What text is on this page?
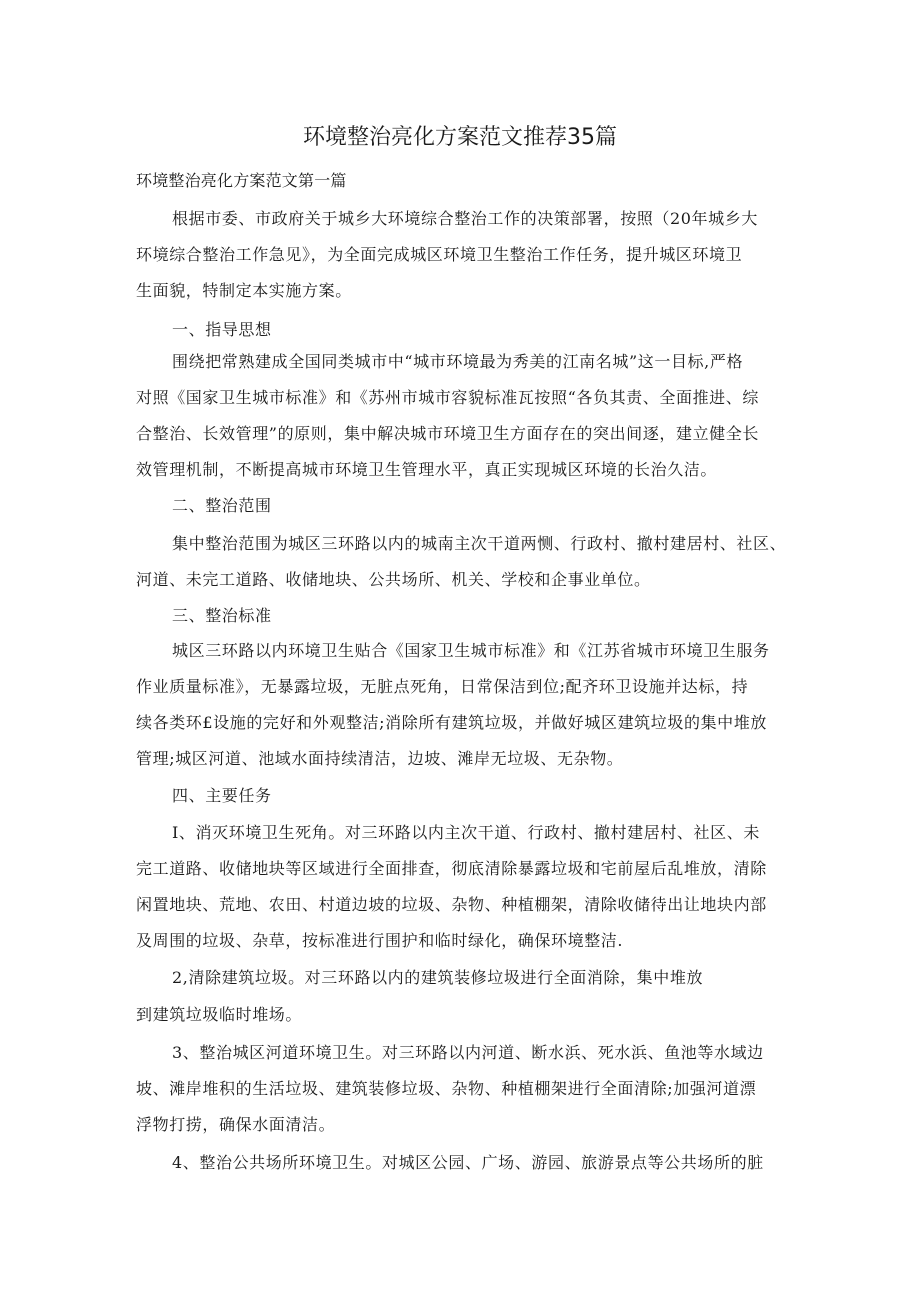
环境整治亮化方案范文推荐35篇
环境整治亮化方案范文第一篇
根据市委、市政府关于城乡大环境综合整治工作的决策部署，按照（20年城乡大
环境综合整治工作急见》，为全面完成城区环境卫生整治工作任务，提升城区环境卫
生面貌，特制定本实施方案。
一、指导思想
围绕把常熟建成全国同类城市中“城市环境最为秀美的江南名城”这一目标,严格
对照《国家卫生城市标准》和《苏州市城市容貌标准瓦按照“各负其责、全面推进、综
合整治、长效管理”的原则，集中解决城市环境卫生方面存在的突出间逐，建立健全长
效管理机制，不断提高城市环境卫生管理水平，真正实现城区环境的长治久洁。
二、整治范围
集中整治范围为城区三环路以内的城南主次干道两恻、行政村、撤村建居村、社区、
河道、未完工道路、收储地块、公共场所、机关、学校和企事业单位。
三、整治标准
城区三环路以内环境卫生贴合《国家卫生城市标准》和《江苏省城市环境卫生服务
作业质量标准》，无暴露垃圾，无脏点死角，日常保洁到位;配齐环卫设施并达标，持
续各类环£设施的完好和外观整洁;消除所有建筑垃圾，并做好城区建筑垃圾的集中堆放
管理;城区河道、池域水面持续清洁，边坡、滩岸无垃圾、无杂物。
四、主要任务
I、消灭环境卫生死角。对三环路以内主次干道、行政村、撤村建居村、社区、未
完工道路、收储地块等区域进行全面排查，彻底清除暴露垃圾和宅前屋后乱堆放，清除
闲置地块、荒地、农田、村道边坡的垃圾、杂物、种植棚架，清除收储待出让地块内部
及周围的垃圾、杂草，按标准进行围护和临时绿化，确保环境整洁.
2,清除建筑垃圾。对三环路以内的建筑装修垃圾进行全面消除，集中堆放
到建筑垃圾临时堆场。
3、整治城区河道环境卫生。对三环路以内河道、断水浜、死水浜、鱼池等水域边
坡、滩岸堆积的生活垃圾、建筑装修垃圾、杂物、种植棚架进行全面清除;加强河道漂
浮物打捞，确保水面清洁。
4、整治公共场所环境卫生。对城区公园、广场、游园、旅游景点等公共场所的脏
